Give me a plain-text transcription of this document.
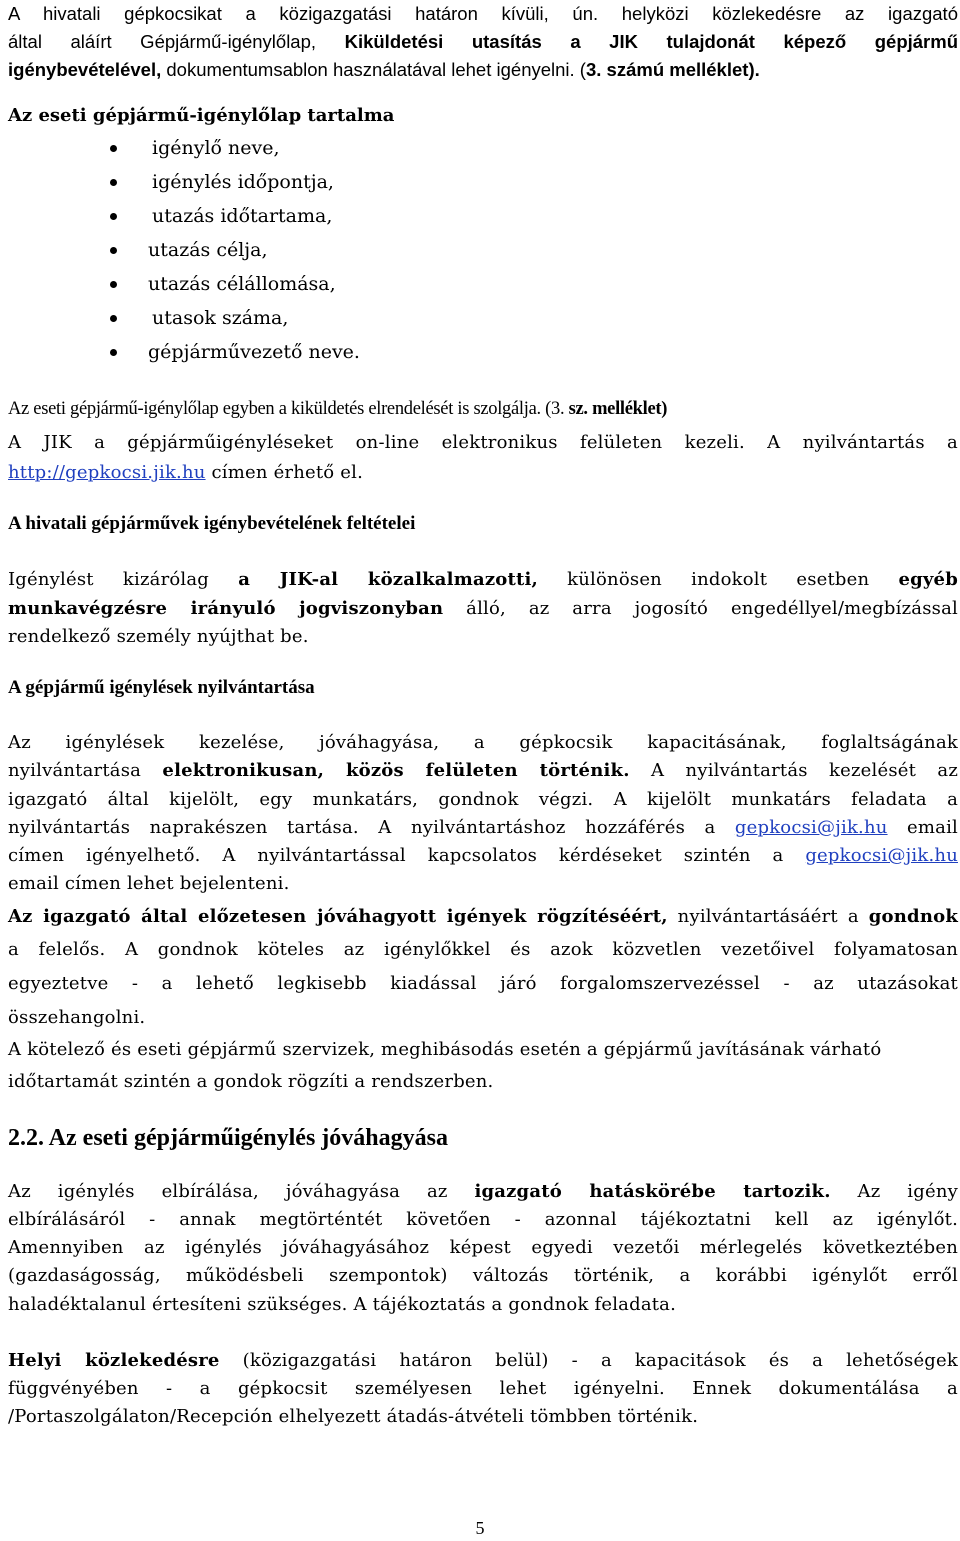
A hivatali gépkocsikat a közigazgatási határon kívüli, ún. helyközi közlekedésre az igazgató
által aláírt Gépjármű-igénylőlap, Kiküldetési utasítás a JIK tulajdonát képező gépjármű
igénybevételével, dokumentumsablon használatával lehet igényelni. (3. számú melléklet).
Az eseti gépjármű-igénylőlap tartalma
igénylő neve,
igénylés időpontja,
utazás időtartama,
utazás célja,
utazás célállomása,
utasok száma,
gépjárművezető neve.
Az eseti gépjármű-igénylőlap egyben a kiküldetés elrendelését is szolgálja. (3. sz. melléklet)
A JIK a gépjárműigényléseket on-line elektronikus felületen kezeli. A nyilvántartás a
http://gepkocsi.jik.hu címen érhető el.
A hivatali gépjárművek igénybevételének feltételei
Igénylést kizárólag a JIK-al közalkalmazotti, különösen indokolt esetben egyéb
munkavégzésre irányuló jogviszonyban álló, az arra jogosító engedéllyel/megbízással
rendelkező személy nyújthat be.
A gépjármű igénylések nyilvántartása
Az igénylések kezelése, jóváhagyása, a gépkocsik kapacitásának, foglaltságának
nyilvántartása elektronikusan, közös felületen történik. A nyilvántartás kezelését az
igazgató által kijelölt, egy munkatárs, gondnok végzi. A kijelölt munkatárs feladata a
nyilvántartás naprakészen tartása. A nyilvántartáshoz hozzáférés a gepkocsi@jik.hu email
címen igényelhető. A nyilvántartással kapcsolatos kérdéseket szintén a gepkocsi@jik.hu
email címen lehet bejelenteni.
Az igazgató által előzetesen jóváhagyott igények rögzítéséért, nyilvántartásáért a gondnok
a felelős. A gondnok köteles az igénylőkkel és azok közvetlen vezetőivel folyamatosan
egyeztetve - a lehető legkisebb kiadással járó forgalomszervezéssel - az utazásokat
összehangolni.
A kötelező és eseti gépjármű szervizek, meghibásodás esetén a gépjármű javításának várható
időtartamát szintén a gondok rögzíti a rendszerben.
2.2. Az eseti gépjárműigénylés jóváhagyása
Az igénylés elbírálása, jóváhagyása az igazgató hatáskörébe tartozik. Az igény
elbírálásáról - annak megtörténtét követően - azonnal tájékoztatni kell az igénylőt.
Amennyiben az igénylés jóváhagyásához képest egyedi vezetői mérlegelés következtében
(gazdaságosság, működésbeli szempontok) változás történik, a korábbi igénylőt erről
haladéktalanul értesíteni szükséges. A tájékoztatás a gondnok feladata.
Helyi közlekedésre (közigazgatási határon belül) - a kapacitások és a lehetőségek
függvényében - a gépkocsit személyesen lehet igényelni. Ennek dokumentálása a
/Portaszolgálaton/Recepción elhelyezett átadás-átvételi tömbben történik.
5
